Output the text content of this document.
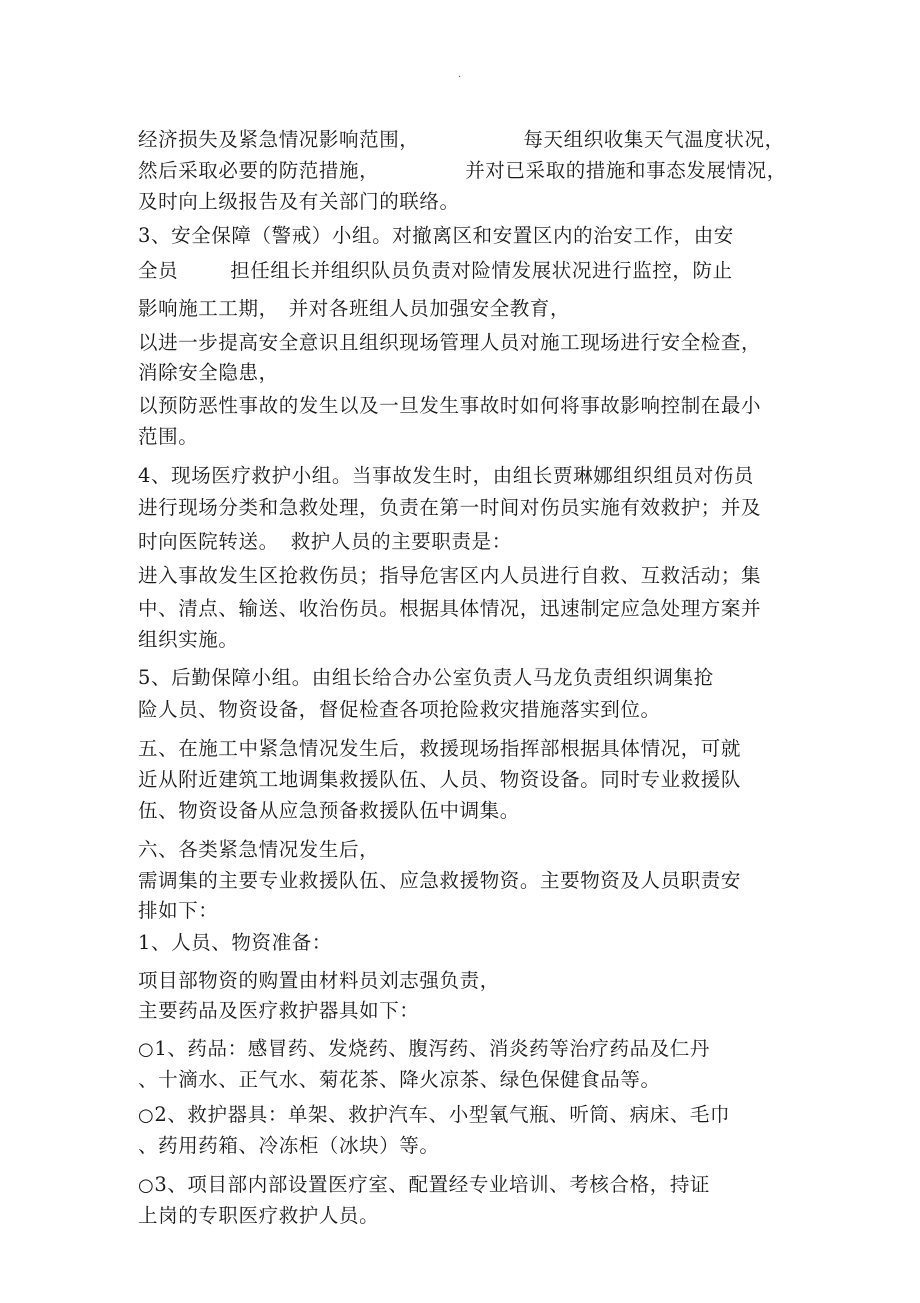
·
经济损失及紧急情况影响范围，	每天组织收集天气温度状况，
然后采取必要的防范措施，	并对已采取的措施和事态发展情况，
及时向上级报告及有关部门的联络。
3、安全保障（警戒）小组。对撤离区和安置区内的治安工作，由安
全员	担任组长并组织队员负责对险情发展状况进行监控，防止
影响施工工期， 并对各班组人员加强安全教育，
以进一步提高安全意识且组织现场管理人员对施工现场进行安全检查，
消除安全隐患，
以预防恶性事故的发生以及一旦发生事故时如何将事故影响控制在最小
范围。
4、现场医疗救护小组。当事故发生时，由组长贾琳娜组织组员对伤员
进行现场分类和急救处理，负责在第一时间对伤员实施有效救护；并及
时向医院转送。 救护人员的主要职责是：
进入事故发生区抢救伤员；指导危害区内人员进行自救、互救活动；集
中、清点、输送、收治伤员。根据具体情况，迅速制定应急处理方案并
组织实施。
5、后勤保障小组。由组长给合办公室负责人马龙负责组织调集抢
险人员、物资设备，督促检查各项抢险救灾措施落实到位。
五、在施工中紧急情况发生后，救援现场指挥部根据具体情况，可就
近从附近建筑工地调集救援队伍、人员、物资设备。同时专业救援队
伍、物资设备从应急预备救援队伍中调集。
六、各类紧急情况发生后，
需调集的主要专业救援队伍、应急救援物资。主要物资及人员职责安
排如下：
1、人员、物资准备：
项目部物资的购置由材料员刘志强负责，
主要药品及医疗救护器具如下：
○1、药品：感冒药、发烧药、腹泻药、消炎药等治疗药品及仁丹
、十滴水、正气水、菊花茶、降火凉茶、绿色保健食品等。
○2、救护器具：单架、救护汽车、小型氧气瓶、听筒、病床、毛巾
、药用药箱、冷冻柜（冰块）等。
○3、项目部内部设置医疗室、配置经专业培训、考核合格，持证
上岗的专职医疗救护人员。
